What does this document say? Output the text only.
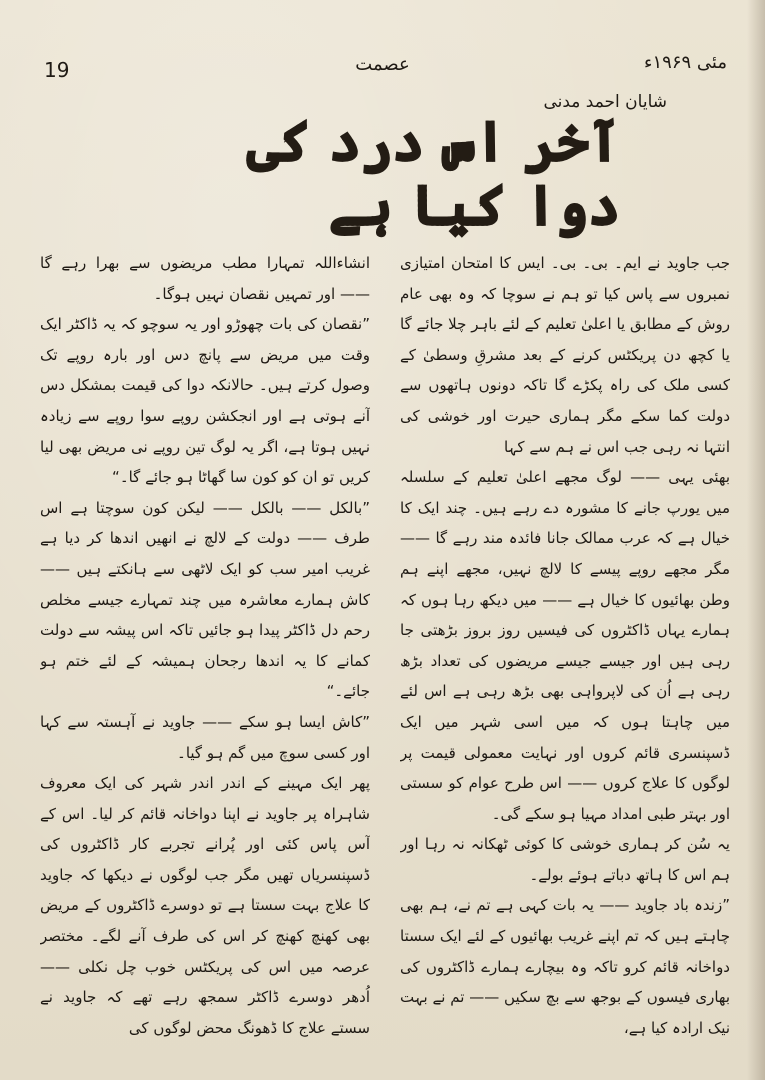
19	عصمت	مئی ۱۹۶۹ء
شایان احمد مدنی
آخر اس درد کی دوا کیا ہے

جب جاوید نے ایم۔ بی۔ بی۔ ایس کا امتحان امتیازی نمبروں سے پاس کیا تو ہم نے سوچا کہ وہ بھی عام روش کے مطابق یا اعلیٰ تعلیم کے لئے باہر چلا جائے گا یا کچھ دن پریکٹس کرنے کے بعد مشرقِ وسطیٰ کے کسی ملک کی راہ پکڑے گا تاکہ دونوں ہاتھوں سے دولت کما سکے مگر ہماری حیرت اور خوشی کی انتہا نہ رہی جب اس نے ہم سے کہا

بھئی یہی —— لوگ مجھے اعلیٰ تعلیم کے سلسلہ میں یورپ جانے کا مشورہ دے رہے ہیں۔ چند ایک کا خیال ہے کہ عرب ممالک جانا فائدہ مند رہے گا —— مگر مجھے روپے پیسے کا لالچ نہیں، مجھے اپنے ہم وطن بھائیوں کا خیال ہے —— میں دیکھ رہا ہوں کہ ہمارے یہاں ڈاکٹروں کی فیسیں روز بروز بڑھتی جا رہی ہیں اور جیسے جیسے مریضوں کی تعداد بڑھ رہی ہے اُن کی لاپرواہی بھی بڑھ رہی ہے اس لئے میں چاہتا ہوں کہ میں اسی شہر میں ایک ڈسپنسری قائم کروں اور نہایت معمولی قیمت پر لوگوں کا علاج کروں —— اس طرح عوام کو سستی اور بہتر طبی امداد مہیا ہو سکے گی۔

یہ سُن کر ہماری خوشی کا کوئی ٹھکانہ نہ رہا اور ہم اس کا ہاتھ دباتے ہوئے بولے۔

”زندہ باد جاوید —— یہ بات کہی ہے تم نے، ہم بھی چاہتے ہیں کہ تم اپنے غریب بھائیوں کے لئے ایک سستا دواخانہ قائم کرو تاکہ وہ بیچارے ہمارے ڈاکٹروں کی بھاری فیسوں کے بوجھ سے بچ سکیں —— تم نے بہت نیک ارادہ کیا ہے،

انشاءاللہ تمہارا مطب مریضوں سے بھرا رہے گا —— اور تمہیں نقصان نہیں ہوگا۔

”نقصان کی بات چھوڑو اور یہ سوچو کہ یہ ڈاکٹر ایک وقت میں مریض سے پانچ دس اور بارہ روپے تک وصول کرتے ہیں۔ حالانکہ دوا کی قیمت بمشکل دس آنے ہوتی ہے اور انجکشن روپے سوا روپے سے زیادہ نہیں ہوتا ہے، اگر یہ لوگ تین روپے نی مریض بھی لیا کریں تو ان کو کون سا گھاٹا ہو جائے گا۔“

”بالکل —— بالکل —— لیکن کون سوچتا ہے اس طرف —— دولت کے لالچ نے انھیں اندھا کر دیا ہے غریب امیر سب کو ایک لاٹھی سے ہانکتے ہیں —— کاش ہمارے معاشرہ میں چند تمہارے جیسے مخلص رحم دل ڈاکٹر پیدا ہو جائیں تاکہ اس پیشہ سے دولت کمانے کا یہ اندھا رجحان ہمیشہ کے لئے ختم ہو جائے۔“

”کاش ایسا ہو سکے —— جاوید نے آہستہ سے کہا اور کسی سوچ میں گم ہو گیا۔

پھر ایک مہینے کے اندر اندر شہر کی ایک معروف شاہراہ پر جاوید نے اپنا دواخانہ قائم کر لیا۔ اس کے آس پاس کئی اور پُرانے تجربے کار ڈاکٹروں کی ڈسپنسریاں تھیں مگر جب لوگوں نے دیکھا کہ جاوید کا علاج بہت سستا ہے تو دوسرے ڈاکٹروں کے مریض بھی کھنچ کھنچ کر اس کی طرف آنے لگے۔ مختصر عرصہ میں اس کی پریکٹس خوب چل نکلی —— اُدھر دوسرے ڈاکٹر سمجھ رہے تھے کہ جاوید نے سستے علاج کا ڈھونگ محض لوگوں کی
